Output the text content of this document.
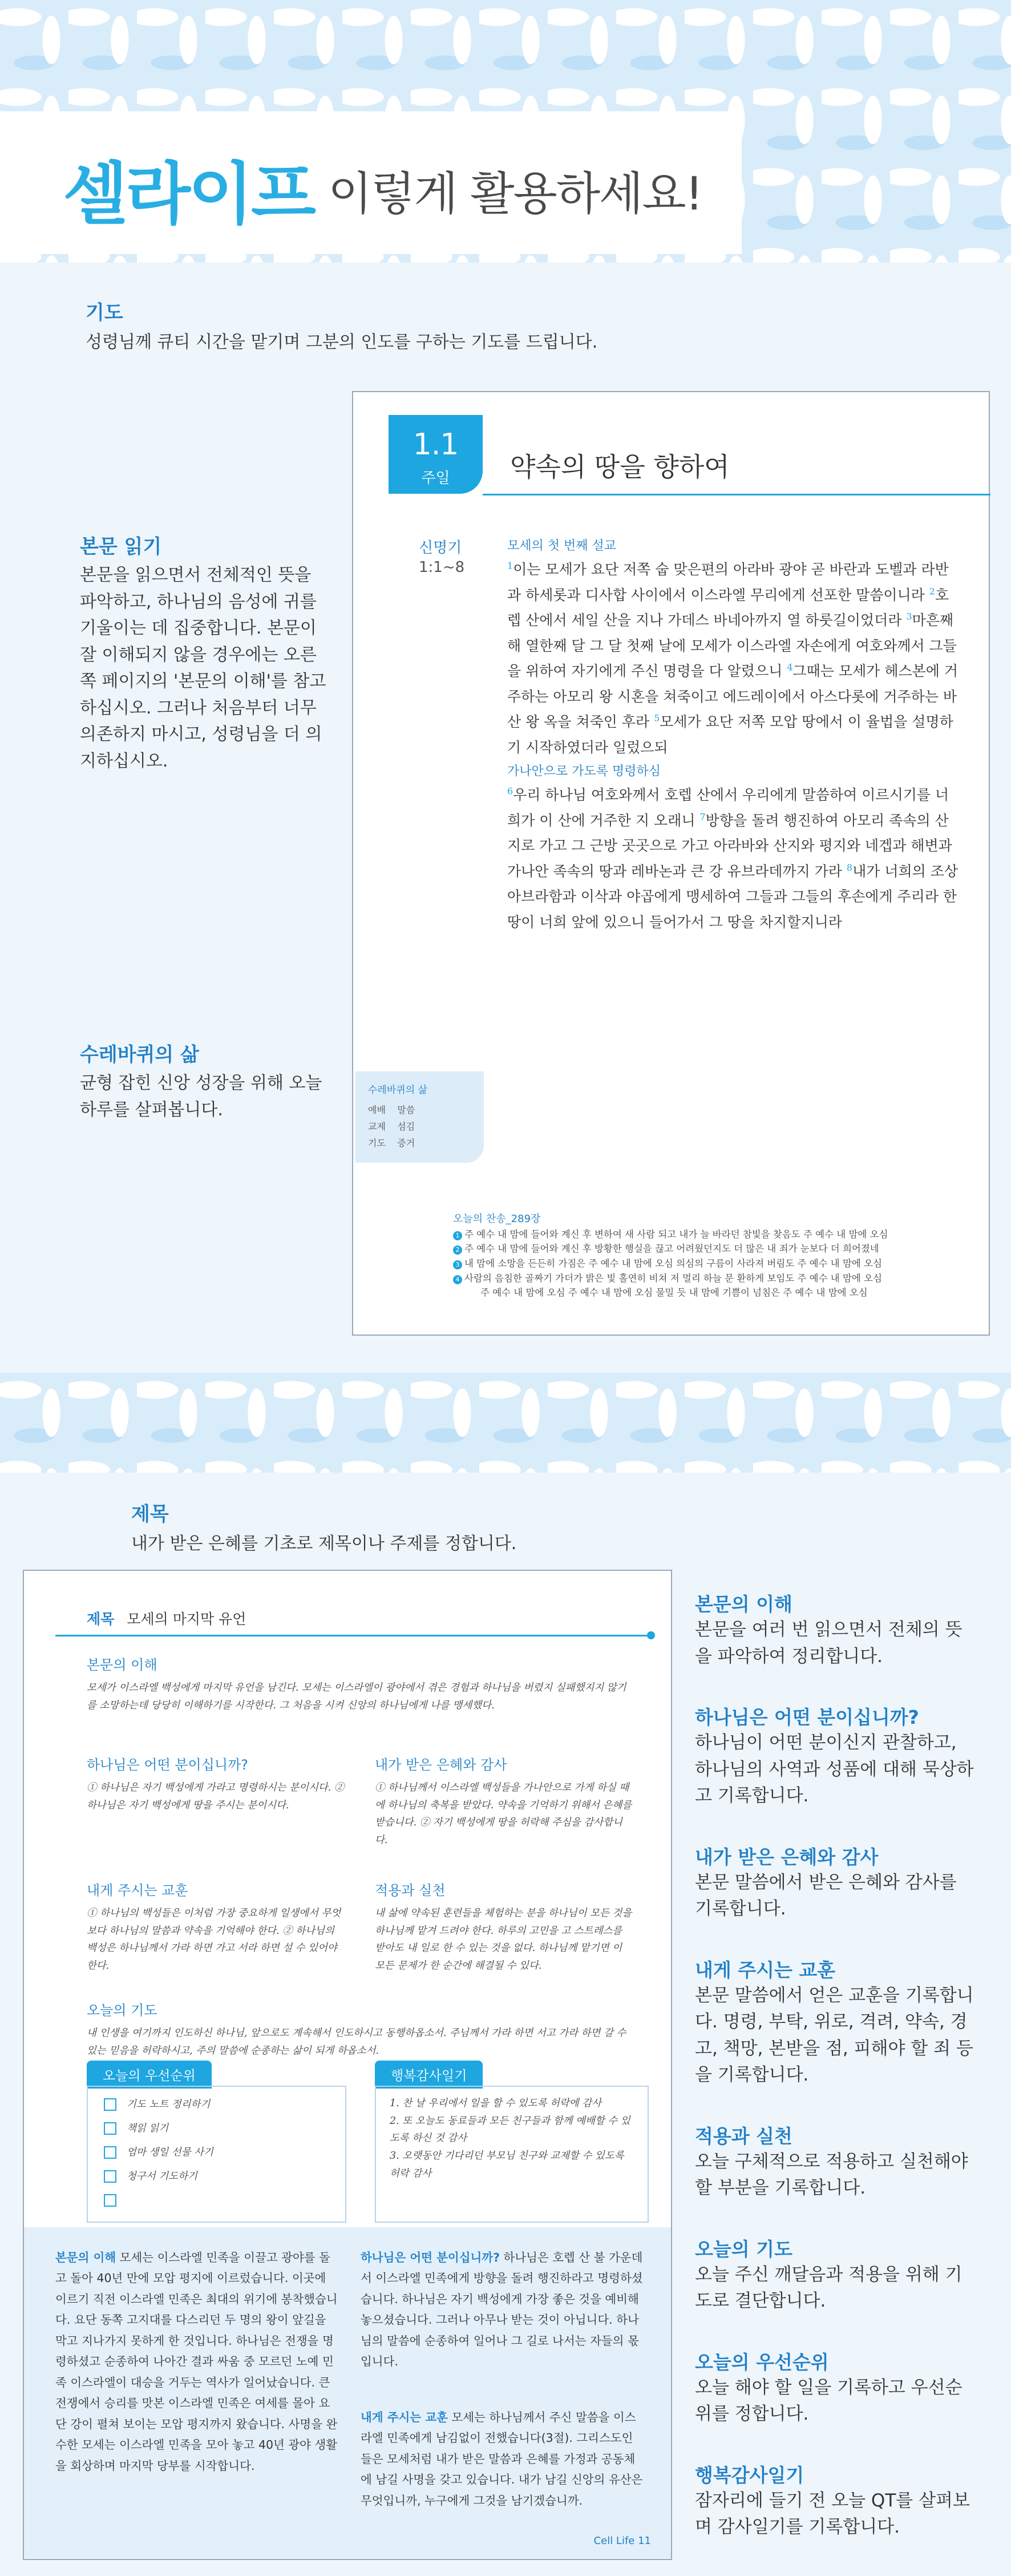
셀라이프 이렇게 활용하세요!
기도
성령님께 큐티 시간을 맡기며 그분의 인도를 구하는 기도를 드립니다.
본문 읽기
본문을 읽으면서 전체적인 뜻을 파악하고, 하나님의 음성에 귀를 기울이는 데 집중합니다. 본문이 잘 이해되지 않을 경우에는 오른쪽 페이지의 '본문의 이해'를 참고하십시오. 그러나 처음부터 너무 의존하지 마시고, 성령님을 더 의지하십시오.
수레바퀴의 삶
균형 잡힌 신앙 성장을 위해 오늘 하루를 살펴봅니다.
1.1
주일	약속의 땅을 향하여
신명기
1:1~8
모세의 첫 번째 설교
$^1$이는 모세가 요단 저쪽 숩 맞은편의 아라바 광야 곧 바란과 도벨과 라반과 하세롯과 디사합 사이에서 이스라엘 무리에게 선포한 말씀이니라 $^2$호렙 산에서 세일 산을 지나 가데스 바네아까지 열 하룻길이었더라 $^3$마흔째 해 열한째 달 그 달 첫째 날에 모세가 이스라엘 자손에게 여호와께서 그들을 위하여 자기에게 주신 명령을 다 알렸으니 $^4$그때는 모세가 헤스본에 거주하는 아모리 왕 시혼을 쳐죽이고 에드레이에서 아스다롯에 거주하는 바산 왕 옥을 쳐죽인 후라 $^5$모세가 요단 저쪽 모압 땅에서 이 율법을 설명하기 시작하였더라 일렀으되
가나안으로 가도록 명령하심
$^6$우리 하나님 여호와께서 호렙 산에서 우리에게 말씀하여 이르시기를 너희가 이 산에 거주한 지 오래니 $^7$방향을 돌려 행진하여 아모리 족속의 산지로 가고 그 근방 곳곳으로 가고 아라바와 산지와 평지와 네겝과 해변과 가나안 족속의 땅과 레바논과 큰 강 유브라데까지 가라 $^8$내가 너희의 조상 아브라함과 이삭과 야곱에게 맹세하여 그들과 그들의 후손에게 주리라 한 땅이 너희 앞에 있으니 들어가서 그 땅을 차지할지니라
수레바퀴의 삶
예배 말씀
교제 섬김
기도 증거
오늘의 찬송_289장
1 주 예수 내 맘에 들어와 계신 후 변하여 새 사람 되고 내가 늘 바라던 참빛을 찾음도 주 예수 내 맘에 오심
2 주 예수 내 맘에 들어와 계신 후 방황한 행실을 끊고 어려웠던지도 더 많은 내 죄가 눈보다 더 희어졌네
3 내 맘에 소망을 든든히 가짐은 주 예수 내 맘에 오심 의심의 구름이 사라져 버림도 주 예수 내 맘에 오심
4 사람의 음침한 골짜기 가더가 밝은 빛 홀연히 비쳐 저 멀리 하늘 문 환하게 보임도 주 예수 내 맘에 오심
주 예수 내 맘에 오심 주 예수 내 맘에 오심 물밀 듯 내 맘에 기쁨이 넘침은 주 예수 내 맘에 오심
제목
내가 받은 은혜를 기초로 제목이나 주제를 정합니다.
본문의 이해
본문을 여러 번 읽으면서 전체의 뜻을 파악하여 정리합니다.
하나님은 어떤 분이십니까?
하나님이 어떤 분이신지 관찰하고, 하나님의 사역과 성품에 대해 묵상하고 기록합니다.
내가 받은 은혜와 감사
본문 말씀에서 받은 은혜와 감사를 기록합니다.
내게 주시는 교훈
본문 말씀에서 얻은 교훈을 기록합니다. 명령, 부탁, 위로, 격려, 약속, 경고, 책망, 본받을 점, 피해야 할 죄 등을 기록합니다.
적용과 실천
오늘 구체적으로 적용하고 실천해야 할 부분을 기록합니다.
오늘의 기도
오늘 주신 깨달음과 적용을 위해 기도로 결단합니다.
오늘의 우선순위
오늘 해야 할 일을 기록하고 우선순위를 정합니다.
행복감사일기
잠자리에 들기 전 오늘 QT를 살펴보며 감사일기를 기록합니다.
제목 모세의 마지막 유언
본문의 이해
모세가 이스라엘 백성에게 마지막 유언을 남긴다. 모세는 이스라엘이 광야에서 겪은 경험과 하나님을 버렸지 실패했지지 않기를 소망하는데 당당히 이해하기를 시작한다. 그 처음을 시켜 신앙의 하나님에게 나를 맹세했다.
하나님은 어떤 분이십니까?
① 하나님은 자기 백성에게 가라고 명령하시는 분이시다. ② 하나님은 자기 백성에게 땅을 주시는 분이시다.
내가 받은 은혜와 감사
① 하나님께서 이스라엘 백성들을 가나안으로 가게 하실 때에 하나님의 축복을 받았다. 약속을 기억하기 위해서 은혜를 받습니다. ② 자기 백성에게 땅을 허락해 주심을 감사합니다.
내게 주시는 교훈
① 하나님의 백성들은 이처럼 가장 중요하게 일생에서 무엇보다 하나님의 말씀과 약속을 기억해야 한다. ② 하나님의 백성은 하나님께서 가라 하면 가고 서라 하면 설 수 있어야 한다.
적용과 실천
내 삶에 약속된 훈련들을 체험하는 분을 하나님이 모든 것을 하나님께 맡겨 드려야 한다. 하루의 고민을 고 스트레스를 받아도 내 일로 한 수 있는 것을 없다. 하나님께 맡기면 이 모든 문제가 한 순간에 해결될 수 있다.
오늘의 기도
내 인생을 여기까지 인도하신 하나님, 앞으로도 계속해서 인도하시고 동행하옵소서. 주님께서 가라 하면 서고 가라 하면 갈 수 있는 믿음을 허락하시고, 주의 말씀에 순종하는 삶이 되게 하옵소서.
오늘의 우선순위
기도 노트 정리하기
책읽 읽기
엄마 생일 선물 사기
청구서 기도하기
행복감사일기
1. 찬 날 우리에서 일을 할 수 있도록 허락에 감사
2. 또 오늘도 동료들과 모든 친구들과 함께 예배할 수 있도록 하신 것 감사
3. 오랫동안 기다리던 부모님 친구와 교제할 수 있도록 허락 감사
본문의 이해 모세는 이스라엘 민족을 이끌고 광야를 돌고 돌아 40년 만에 모압 평지에 이르렀습니다. 이곳에 이르기 직전 이스라엘 민족은 최대의 위기에 봉착했습니다. 요단 동쪽 고지대를 다스리던 두 명의 왕이 앞길을 막고 지나가지 못하게 한 것입니다. 하나님은 전쟁을 명령하셨고 순종하여 나아간 결과 싸움 중 모르던 노예 민족 이스라엘이 대승을 거두는 역사가 일어났습니다. 큰 전쟁에서 승리를 맛본 이스라엘 민족은 여세를 몰아 요단 강이 펼쳐 보이는 모압 평지까지 왔습니다. 사명을 완수한 모세는 이스라엘 민족을 모아 놓고 40년 광야 생활을 회상하며 마지막 당부를 시작합니다.
하나님은 어떤 분이십니까? 하나님은 호렙 산 불 가운데서 이스라엘 민족에게 방향을 돌려 행진하라고 명령하셨습니다. 하나님은 자기 백성에게 가장 좋은 것을 예비해 놓으셨습니다. 그러나 아무나 받는 것이 아닙니다. 하나님의 말씀에 순종하여 일어나 그 길로 나서는 자들의 몫입니다.
내게 주시는 교훈 모세는 하나님께서 주신 말씀을 이스라엘 민족에게 남김없이 전했습니다(3절). 그리스도인들은 모세처럼 내가 받은 말씀과 은혜를 가정과 공동체에 남길 사명을 갖고 있습니다. 내가 남길 신앙의 유산은 무엇입니까, 누구에게 그것을 남기겠습니까.
Cell Life 11
